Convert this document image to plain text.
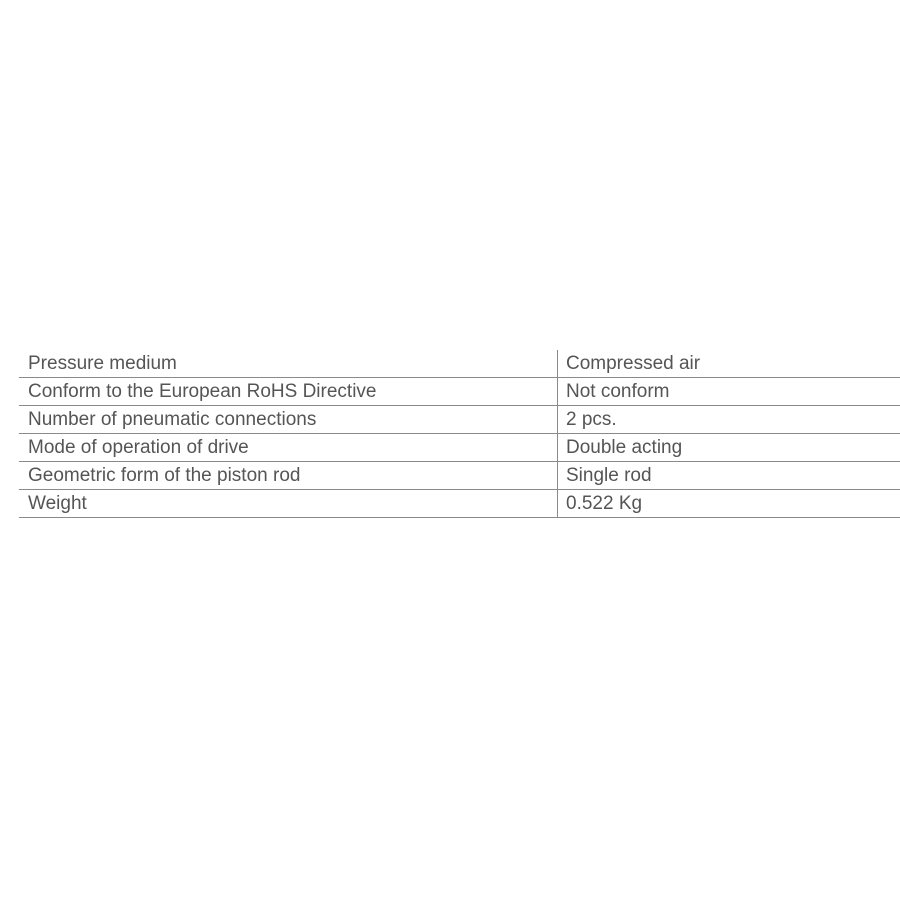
Pressure medium	Compressed air
Conform to the European RoHS Directive	Not conform
Number of pneumatic connections	2 pcs.
Mode of operation of drive	Double acting
Geometric form of the piston rod	Single rod
Weight	0.522 Kg
